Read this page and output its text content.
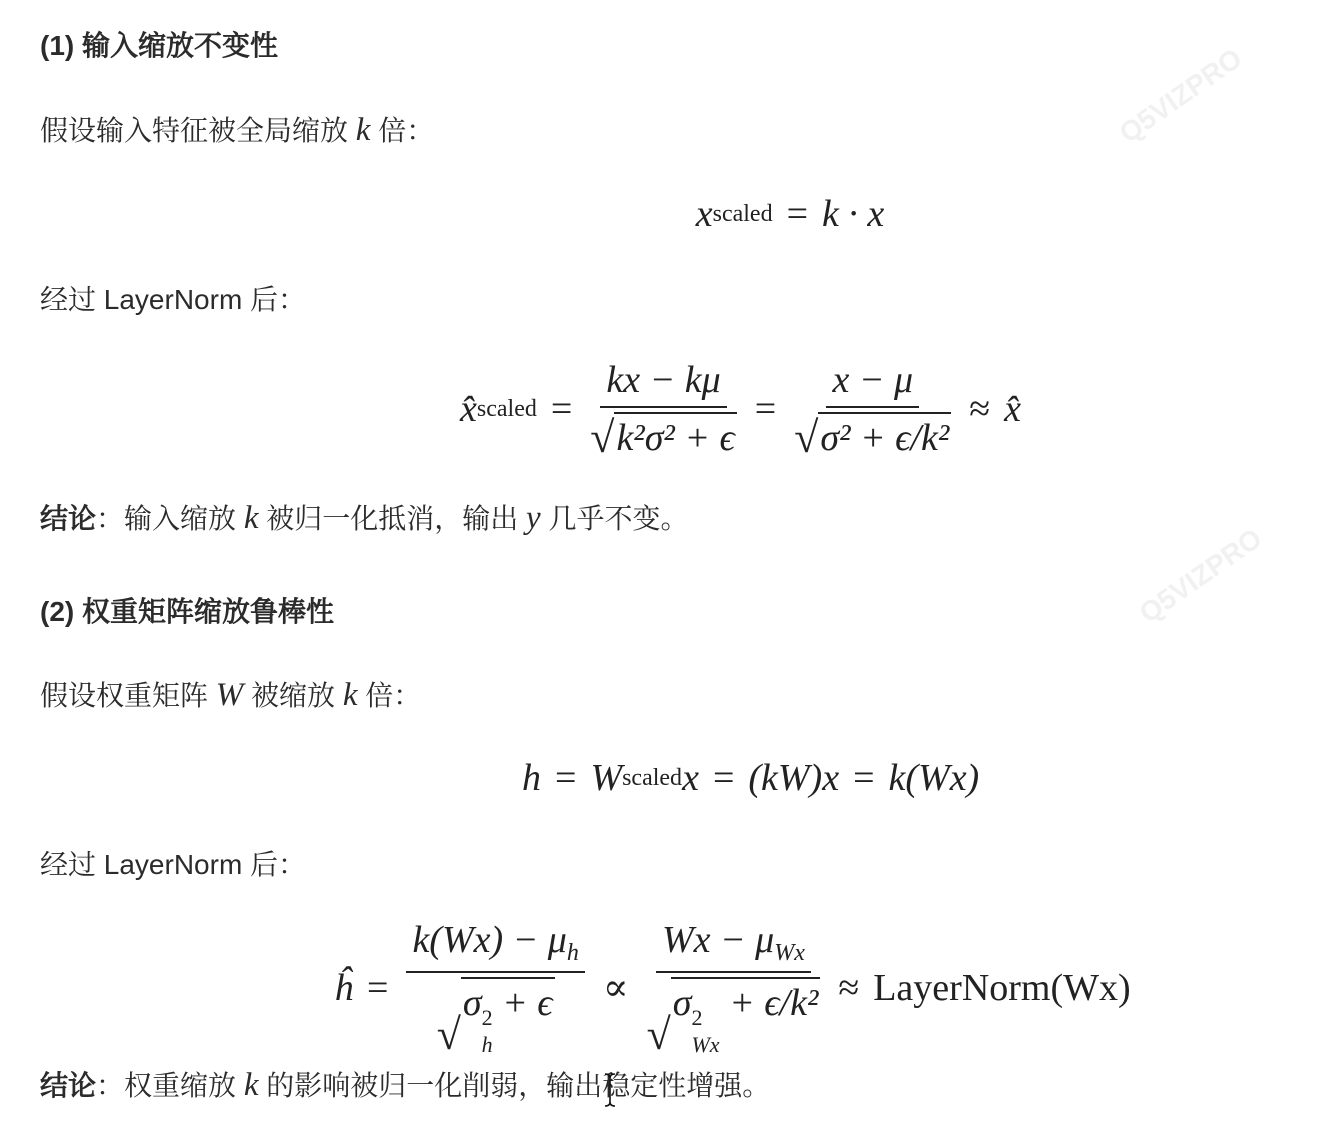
Q5VIZPRO
Q5VIZPRO
(1) 输入缩放不变性
假设输入特征被全局缩放 k 倍：
x scaled = k · x
经过 LayerNorm 后：
x̂ scaled = $\frac{kx - k\mu}{\text{√ k²σ² + ϵ}} = \frac{x - \mu}{\text{√ σ² + ϵ/k²}}$ ≈ x̂
结论：输入缩放 k 被归一化抵消，输出 y 几乎不变。
(2) 权重矩阵缩放鲁棒性
假设权重矩阵 W 被缩放 k 倍：
h = W scaled x = (kW)x = k(Wx)
经过 LayerNorm 后：
ĥ = $k(Wx) - \mu_h$
√
σ 2
h
+ $\epsilon \propto Wx - \mu_{Wx}$
√
σ 2
Wx
+ ϵ/k² ≈ LayerNorm(Wx)
结论：权重缩放 k 的影响被归一化削弱，输出稳定性增强。
